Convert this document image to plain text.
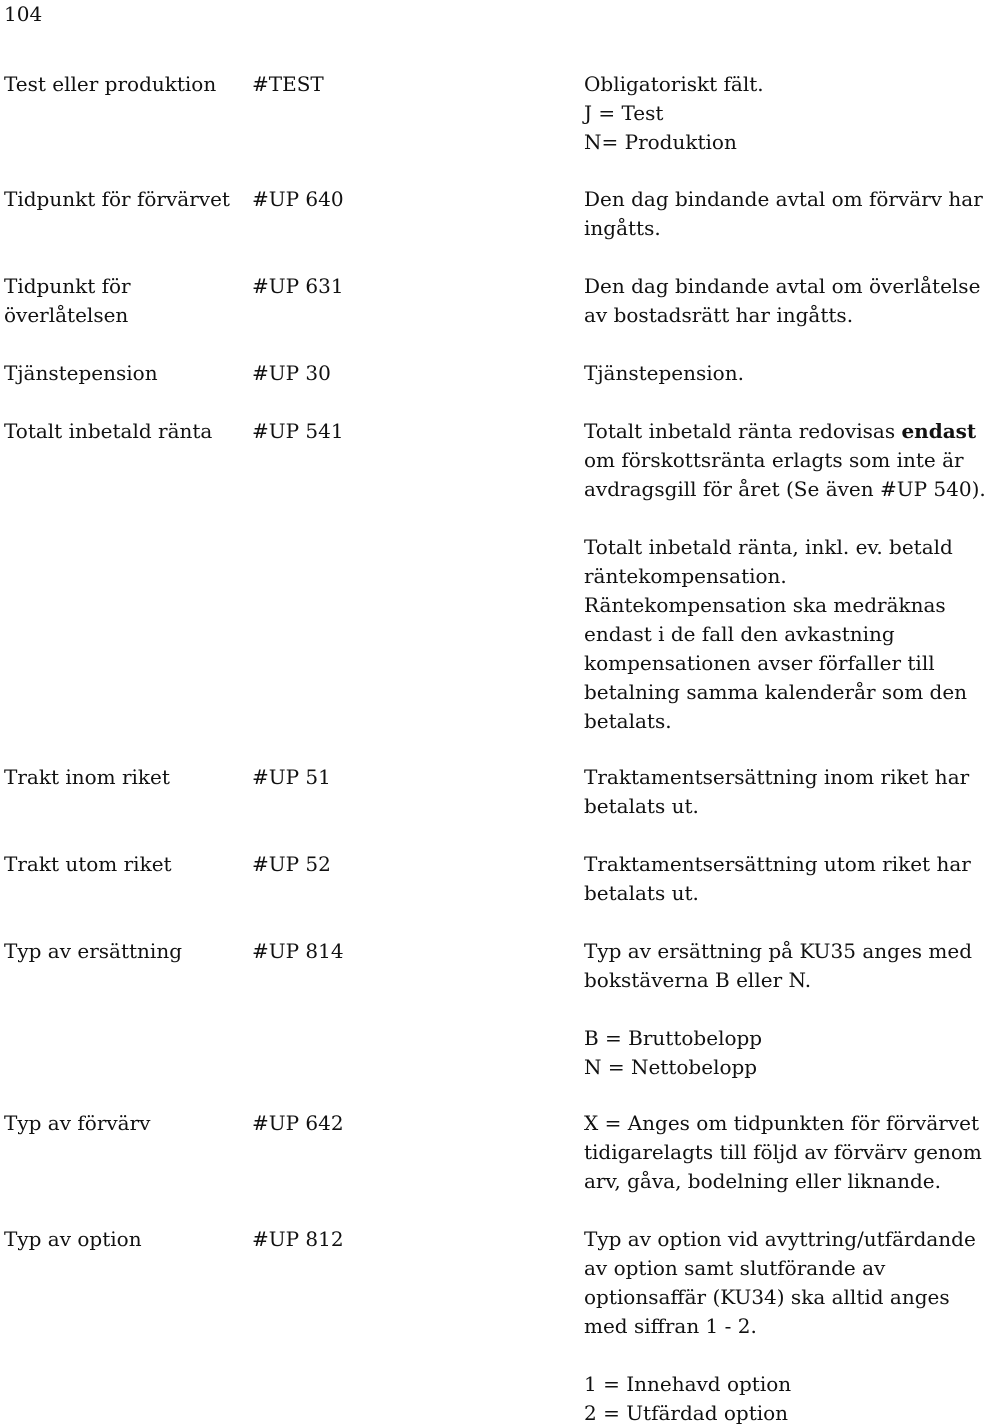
104
Test eller produktion	#TEST	Obligatoriskt fält.
J = Test
N= Produktion
Tidpunkt för förvärvet	#UP 640	Den dag bindande avtal om förvärv har
ingåtts.
Tidpunkt för
överlåtelsen
#UP 631	Den dag bindande avtal om överlåtelse
av bostadsrätt har ingåtts.
Tjänstepension	#UP 30	Tjänstepension.
Totalt inbetald ränta	#UP 541	Totalt inbetald ränta redovisas endast
om förskottsränta erlagts som inte är
avdragsgill för året (Se även #UP 540).
Totalt inbetald ränta, inkl. ev. betald
räntekompensation.
Räntekompensation ska medräknas
endast i de fall den avkastning
kompensationen avser förfaller till
betalning samma kalenderår som den
betalats.
Trakt inom riket	#UP 51	Traktamentsersättning inom riket har
betalats ut.
Trakt utom riket	#UP 52	Traktamentsersättning utom riket har
betalats ut.
Typ av ersättning	#UP 814	Typ av ersättning på KU35 anges med
bokstäverna B eller N.
B = Bruttobelopp
N = Nettobelopp
Typ av förvärv	#UP 642	X = Anges om tidpunkten för förvärvet
tidigarelagts till följd av förvärv genom
arv, gåva, bodelning eller liknande.
Typ av option	#UP 812	Typ av option vid avyttring/utfärdande
av option samt slutförande av
optionsaffär (KU34) ska alltid anges
med siffran 1 - 2.
1 = Innehavd option
2 = Utfärdad option
